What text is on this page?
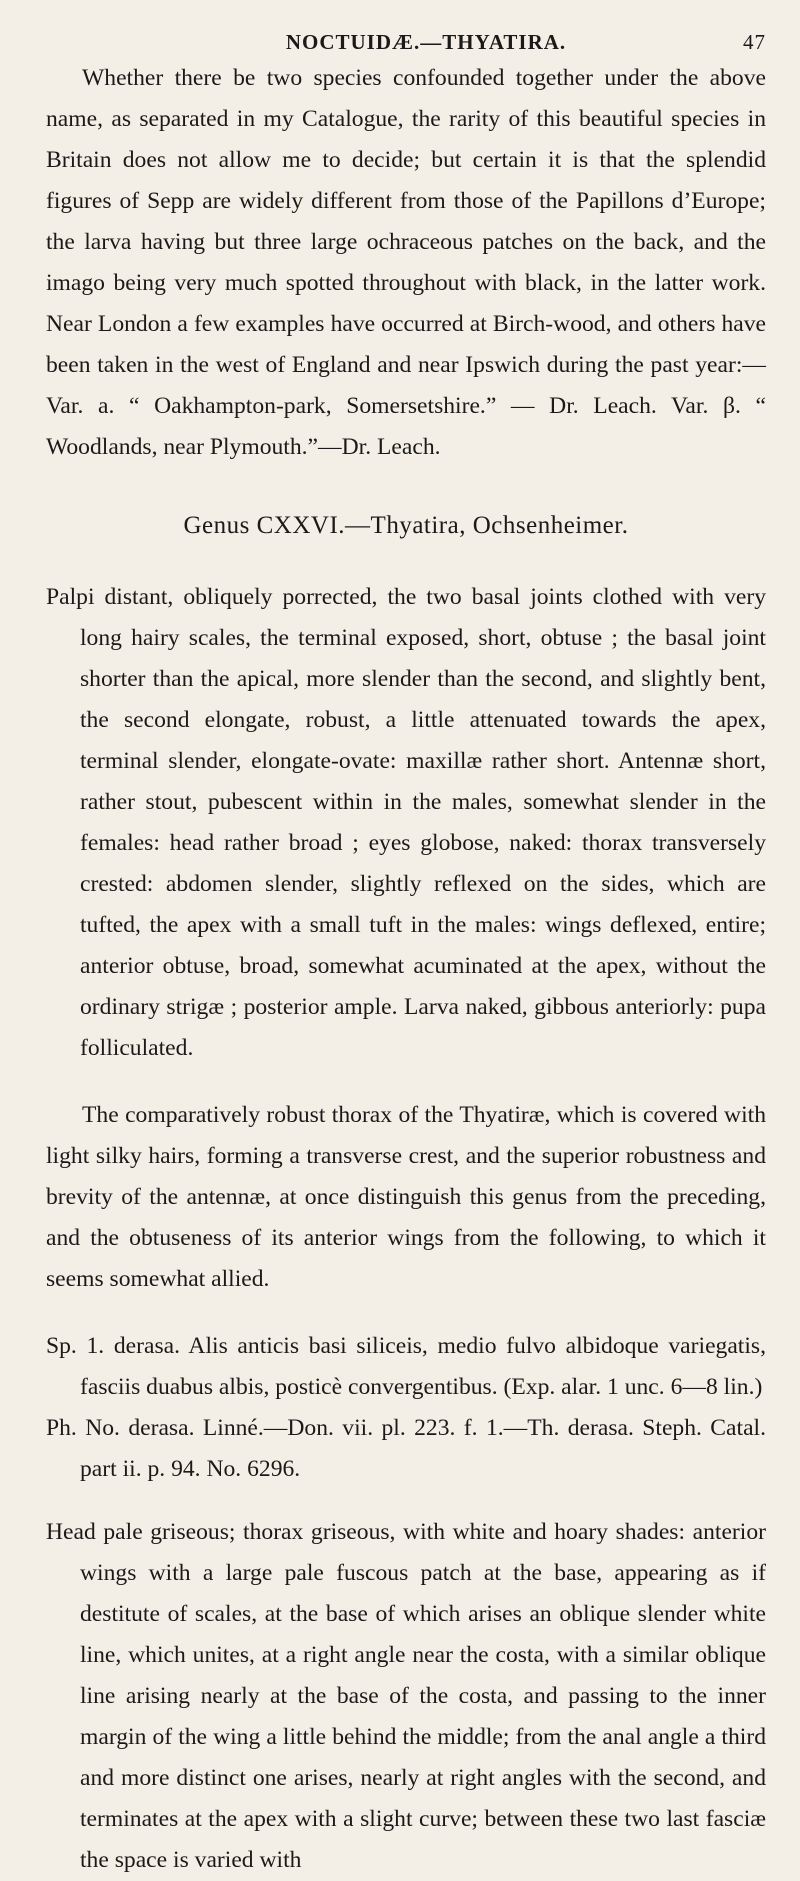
NOCTUIDÆ.—THYATIRA.	47

Whether there be two species confounded together under the above name, as separated in my Catalogue, the rarity of this beautiful species in Britain does not allow me to decide; but certain it is that the splendid figures of Sepp are widely different from those of the Papillons d’Europe; the larva having but three large ochraceous patches on the back, and the imago being very much spotted throughout with black, in the latter work. Near London a few examples have occurred at Birch-wood, and others have been taken in the west of England and near Ipswich during the past year:—Var. a. “ Oakhampton-park, Somersetshire.” — Dr. Leach. Var. β. “ Woodlands, near Plymouth.”—Dr. Leach.

Genus CXXVI.—Thyatira, Ochsenheimer.

Palpi distant, obliquely porrected, the two basal joints clothed with very long hairy scales, the terminal exposed, short, obtuse ; the basal joint shorter than the apical, more slender than the second, and slightly bent, the second elongate, robust, a little attenuated towards the apex, terminal slender, elongate-ovate: maxillæ rather short. Antennæ short, rather stout, pubescent within in the males, somewhat slender in the females: head rather broad ; eyes globose, naked: thorax transversely crested: abdomen slender, slightly reflexed on the sides, which are tufted, the apex with a small tuft in the males: wings deflexed, entire; anterior obtuse, broad, somewhat acuminated at the apex, without the ordinary strigæ ; posterior ample. Larva naked, gibbous anteriorly: pupa folliculated.

The comparatively robust thorax of the Thyatiræ, which is covered with light silky hairs, forming a transverse crest, and the superior robustness and brevity of the antennæ, at once distinguish this genus from the preceding, and the obtuseness of its anterior wings from the following, to which it seems somewhat allied.

Sp. 1. derasa. Alis anticis basi siliceis, medio fulvo albidoque variegatis, fasciis duabus albis, posticè convergentibus. (Exp. alar. 1 unc. 6—8 lin.)

Ph. No. derasa. Linné.—Don. vii. pl. 223. f. 1.—Th. derasa. Steph. Catal. part ii. p. 94. No. 6296.

Head pale griseous; thorax griseous, with white and hoary shades: anterior wings with a large pale fuscous patch at the base, appearing as if destitute of scales, at the base of which arises an oblique slender white line, which unites, at a right angle near the costa, with a similar oblique line arising nearly at the base of the costa, and passing to the inner margin of the wing a little behind the middle; from the anal angle a third and more distinct one arises, nearly at right angles with the second, and terminates at the apex with a slight curve; between these two last fasciæ the space is varied with
